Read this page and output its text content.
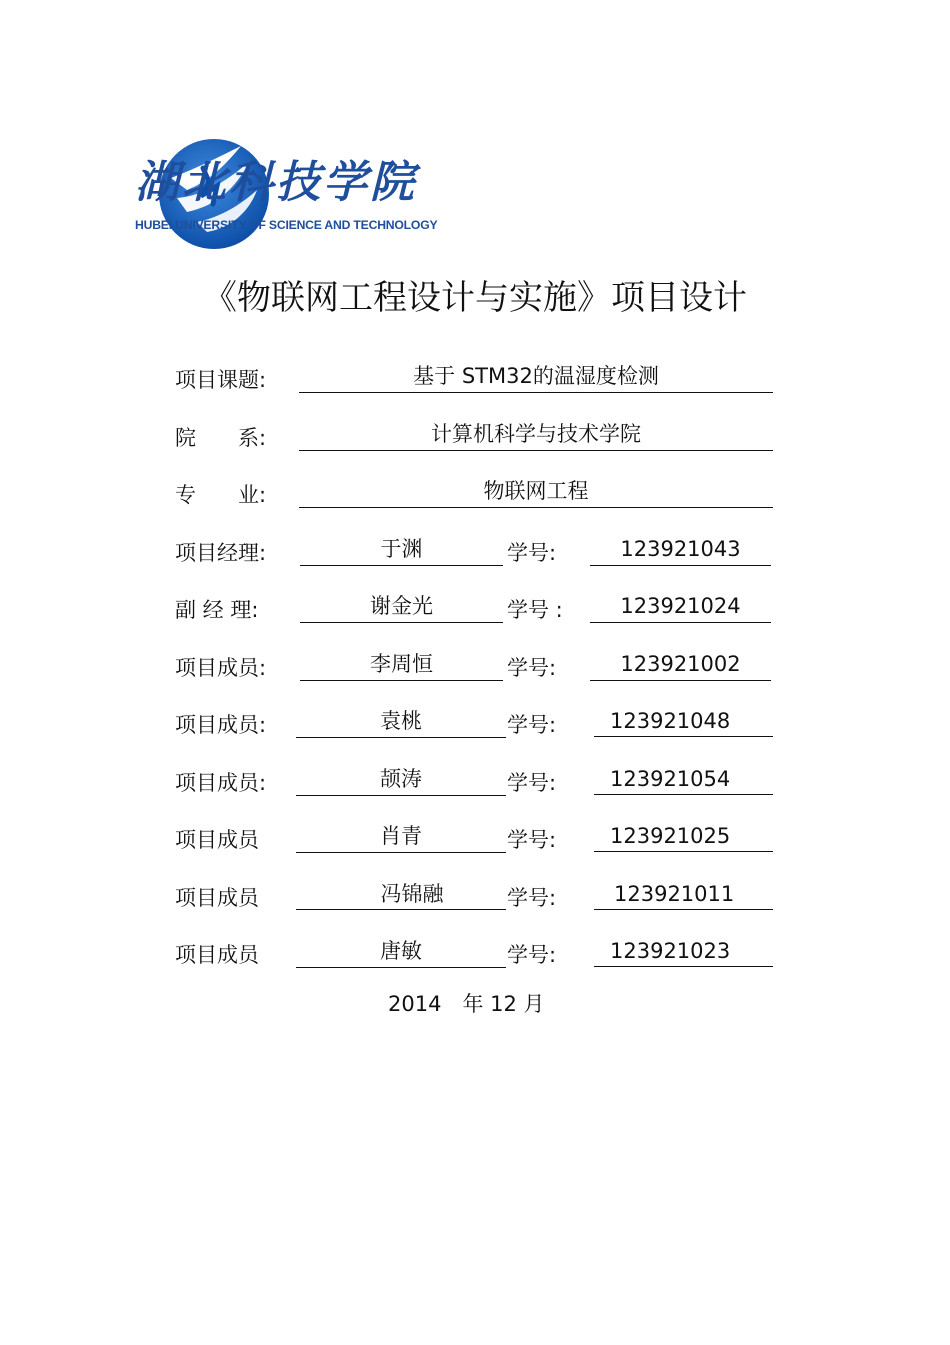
湖北科技学院
HUBEI UNIVERSITY OF SCIENCE AND TECHNOLOGY
《物联网工程设计与实施》项目设计
项目课题:	基于 STM32的温湿度检测
院　　系:	计算机科学与技术学院
专　　业:	物联网工程
项目经理:	于渊	学号:	123921043
副 经 理:	谢金光	学号 :	123921024
项目成员:	李周恒	学号:	123921002
项目成员:	袁桃	学号:	123921048
项目成员:	颉涛	学号:	123921054
项目成员	肖青	学号:	123921025
项目成员	冯锦融	学号:	123921011
项目成员	唐敏	学号:	123921023
2014　年 12 月
